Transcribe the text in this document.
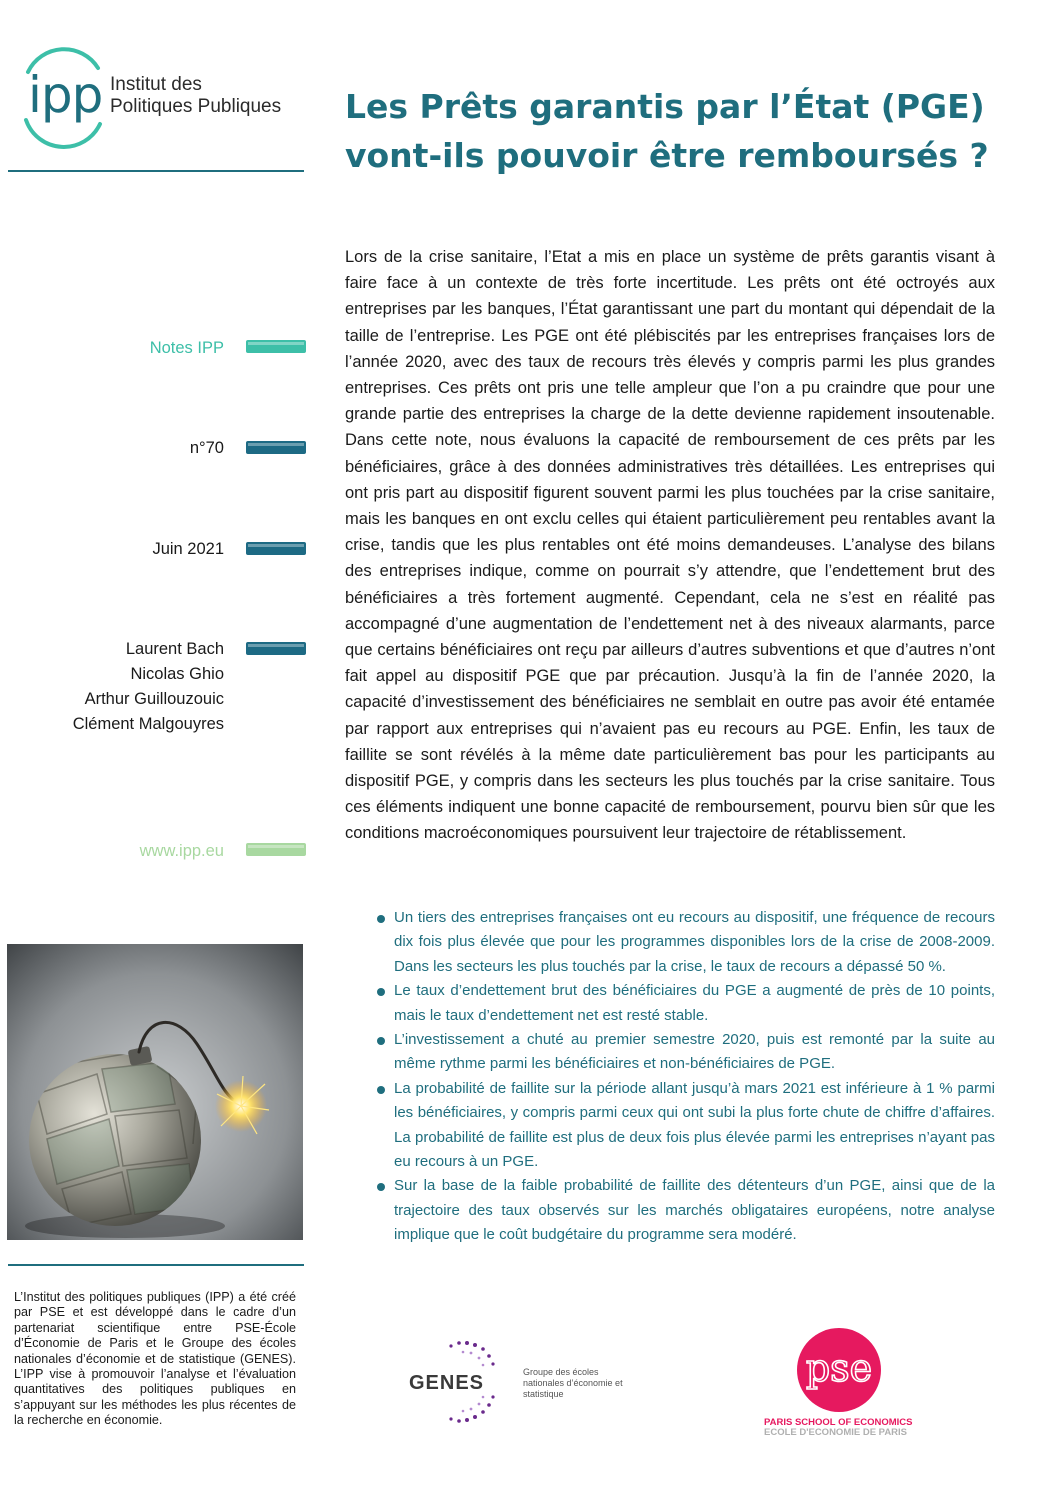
ipp Institut des
Politiques Publiques Les Prêts garantis par l’État (PGE)
vont-ils pouvoir être remboursés ?
Notes IPP
n°70
Juin 2021
Laurent Bach
Nicolas Ghio
Arthur Guillouzouic
Clément Malgouyres
www.ipp.eu

Lors de la crise sanitaire, l’Etat a mis en place un système de prêts garantis visant à faire face à un contexte de très forte incertitude. Les prêts ont été octroyés aux entreprises par les banques, l’État garantissant une part du montant qui dépendait de la taille de l’entreprise. Les PGE ont été plébiscités par les entreprises françaises lors de l’année 2020, avec des taux de recours très élevés y compris parmi les plus grandes entreprises. Ces prêts ont pris une telle ampleur que l’on a pu craindre que pour une grande partie des entreprises la charge de la dette devienne rapidement insoutenable. Dans cette note, nous évaluons la capacité de remboursement de ces prêts par les bénéficiaires, grâce à des données administratives très détaillées. Les entreprises qui ont pris part au dispositif figurent souvent parmi les plus touchées par la crise sanitaire, mais les banques en ont exclu celles qui étaient particulièrement peu rentables avant la crise, tandis que les plus rentables ont été moins demandeuses. L’analyse des bilans des entreprises indique, comme on pourrait s’y attendre, que l’endettement brut des bénéficiaires a très fortement augmenté. Cependant, cela ne s’est en réalité pas accompagné d’une augmentation de l’endettement net à des niveaux alarmants, parce que certains bénéficiaires ont reçu par ailleurs d’autres subventions et que d’autres n’ont fait appel au dispositif PGE que par précaution. Jusqu’à la fin de l’année 2020, la capacité d’investissement des bénéficiaires ne semblait en outre pas avoir été entamée par rapport aux entreprises qui n’avaient pas eu recours au PGE. Enfin, les taux de faillite se sont révélés à la même date particulièrement bas pour les participants au dispositif PGE, y compris dans les secteurs les plus touchés par la crise sanitaire. Tous ces éléments indiquent une bonne capacité de remboursement, pourvu bien sûr que les conditions macroéconomiques poursuivent leur trajectoire de rétablissement.

Un tiers des entreprises françaises ont eu recours au dispositif, une fréquence de recours dix fois plus élevée que pour les programmes disponibles lors de la crise de 2008-2009. Dans les secteurs les plus touchés par la crise, le taux de recours a dépassé 50 %.
Le taux d’endettement brut des bénéficiaires du PGE a augmenté de près de 10 points, mais le taux d’endettement net est resté stable.
L’investissement a chuté au premier semestre 2020, puis est remonté par la suite au même rythme parmi les bénéficiaires et non-bénéficiaires de PGE.
La probabilité de faillite sur la période allant jusqu’à mars 2021 est inférieure à 1 % parmi les bénéficiaires, y compris parmi ceux qui ont subi la plus forte chute de chiffre d’affaires. La probabilité de faillite est plus de deux fois plus élevée parmi les entreprises n’ayant pas eu recours à un PGE.
Sur la base de la faible probabilité de faillite des détenteurs d’un PGE, ainsi que de la trajectoire des taux observés sur les marchés obligataires européens, notre analyse implique que le coût budgétaire du programme sera modéré.

L’Institut des politiques publiques (IPP) a été créé par PSE et est développé dans le cadre d’un partenariat scientifique entre PSE-École d’Économie de Paris et le Groupe des écoles nationales d’économie et de statistique (GENES). L’IPP vise à promouvoir l’analyse et l’évaluation quantitatives des politiques publiques en s’appuyant sur les méthodes les plus récentes de la recherche en économie.

GENES	Groupe des écoles nationales d’économie et statistique
pse
PARIS SCHOOL OF ECONOMICS
ECOLE D'ECONOMIE DE PARIS
